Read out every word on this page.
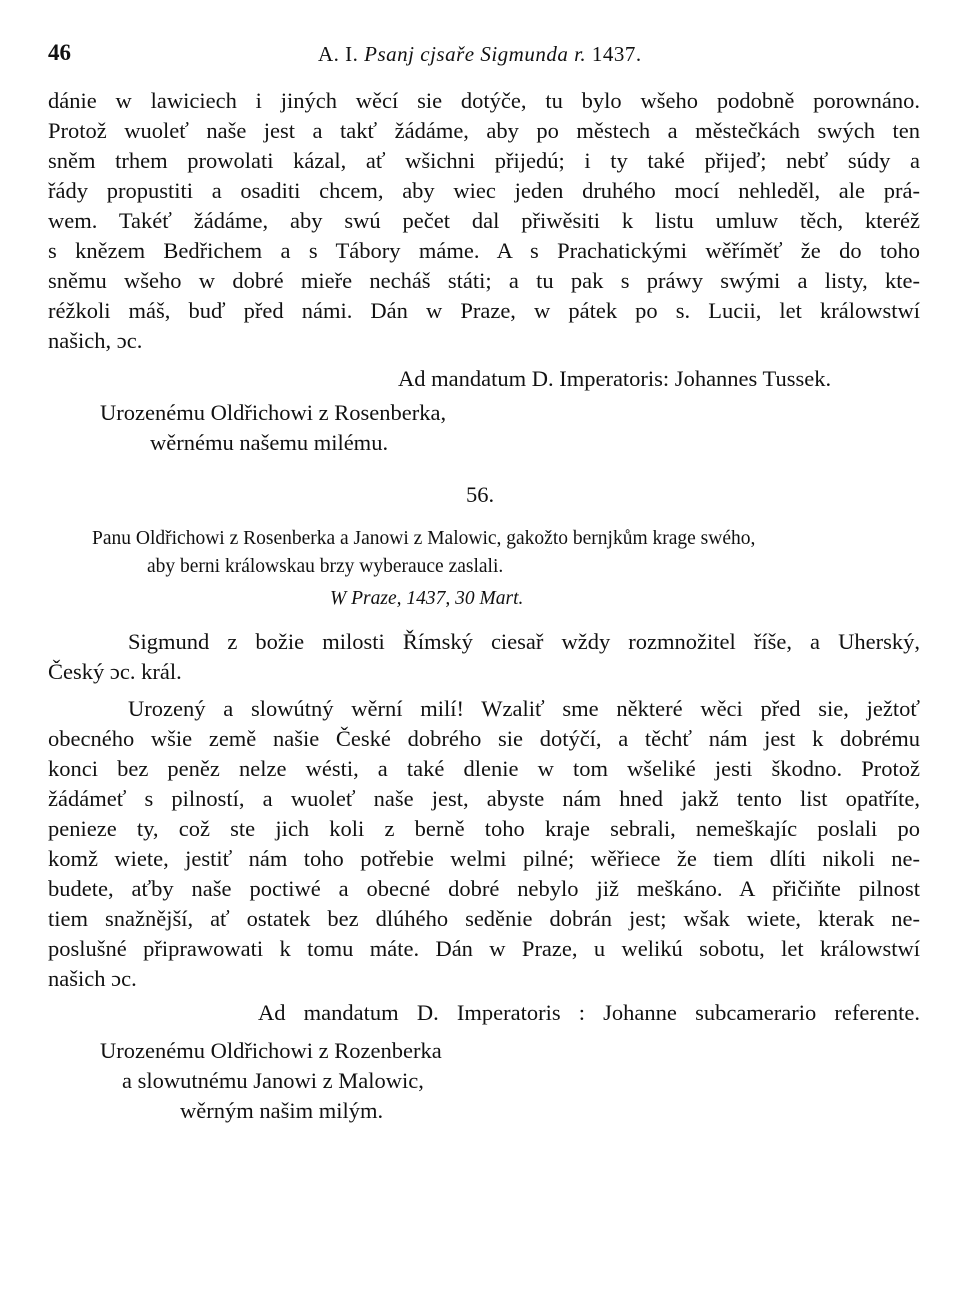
46	A. I. Psanj cjsaře Sigmunda r. 1437.
dánie w lawiciech i jiných wěcí sie dotýče, tu bylo wšeho podobně porownáno.
Protož wuoleť naše jest a takť žádáme, aby po městech a městečkách swých ten
sněm trhem prowolati kázal, ať wšichni přijedú; i ty také přijeď; nebť súdy a
řády propustiti a osaditi chcem, aby wiec jeden druhého mocí nehleděl, ale prá-
wem. Takéť žádáme, aby swú pečet dal přiwěsiti k listu umluw těch, kteréž
s knězem Bedřichem a s Tábory máme. A s Prachatickými wěříměť že do toho
sněmu wšeho w dobré mieře necháš státi; a tu pak s práwy swými a listy, kte-
réžkoli máš, buď před námi. Dán w Praze, w pátek po s. Lucii, let králowstwí
našich, ɔc.
Ad mandatum D. Imperatoris: Johannes Tussek.
Urozenému Oldřichowi z Rosenberka,
wěrnému našemu milému.
56.
Panu Oldřichowi z Rosenberka a Janowi z Malowic, gakožto bernjkům krage swého,
aby berni králowskau brzy wyberauce zaslali.
W Praze, 1437, 30 Mart.
Sigmund z božie milosti Římský ciesař wždy rozmnožitel říše, a Uherský,
Český ɔc. král.
Urozený a slowútný wěrní milí! Wzaliť sme některé wěci před sie, ježtoť
obecného wšie země našie České dobrého sie dotýčí, a těchť nám jest k dobrému
konci bez peněz nelze wésti, a také dlenie w tom wšeliké jesti škodno. Protož
žádámeť s pilností, a wuoleť naše jest, abyste nám hned jakž tento list opatříte,
penieze ty, což ste jich koli z berně toho kraje sebrali, nemeškajíc poslali po
komž wiete, jestiť nám toho potřebie welmi pilné; wěřiece že tiem dlíti nikoli ne-
budete, aťby naše poctiwé a obecné dobré nebylo již meškáno. A přičiňte pilnost
tiem snažnější, ať ostatek bez dlúhého seděnie dobrán jest; wšak wiete, kterak ne-
poslušné připrawowati k tomu máte. Dán w Praze, u welikú sobotu, let králowstwí
našich ɔc.
Ad mandatum D. Imperatoris : Johanne subcamerario referente.
Urozenému Oldřichowi z Rozenberka
a slowutnému Janowi z Malowic,
wěrným našim milým.
